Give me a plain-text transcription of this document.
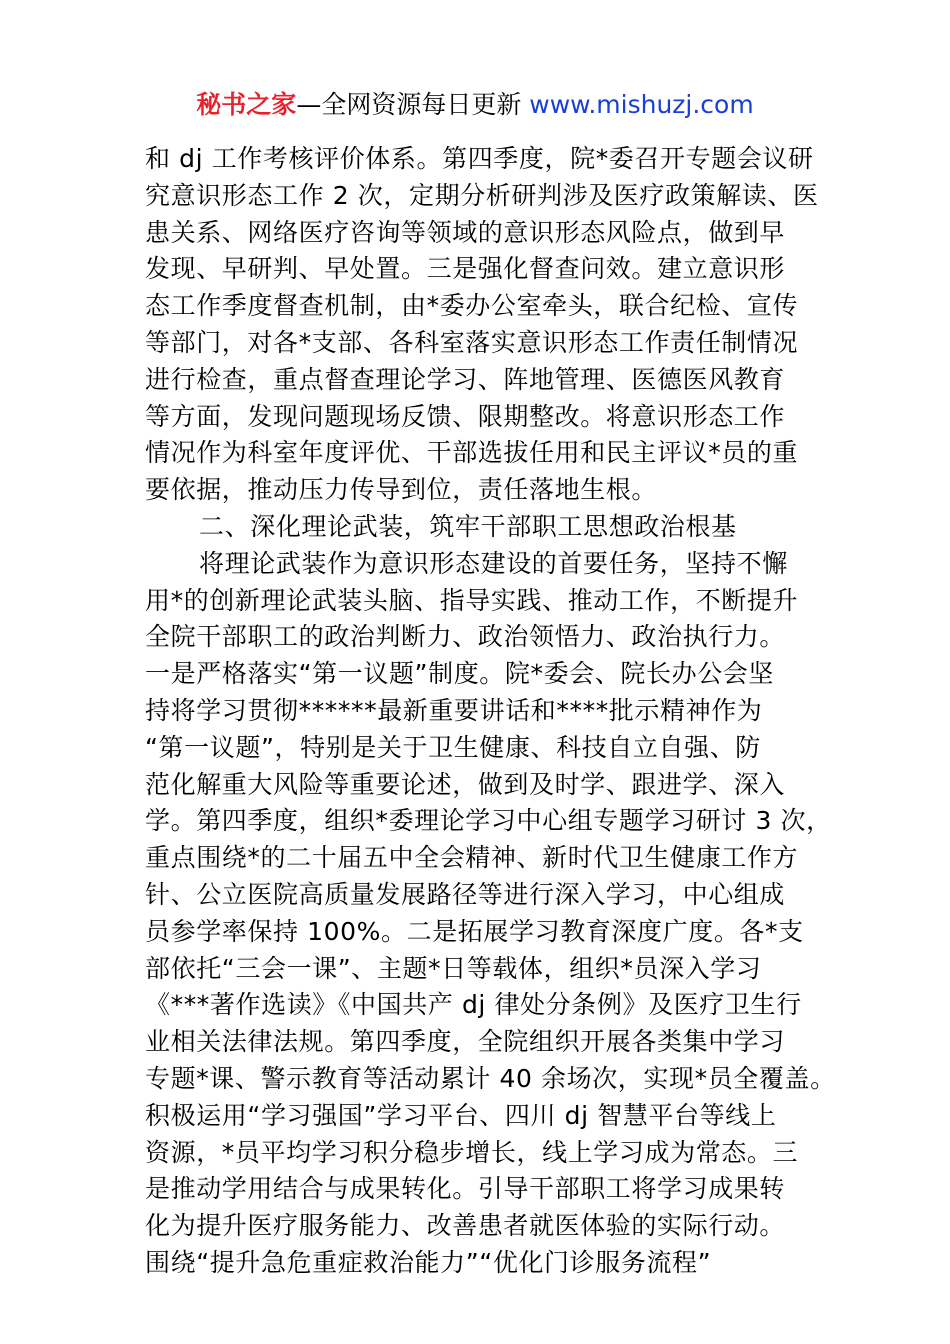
秘书之家—全网资源每日更新 www.mishuzj.com
和 dj 工作考核评价体系。第四季度，院*委召开专题会议研
究意识形态工作 2 次，定期分析研判涉及医疗政策解读、医
患关系、网络医疗咨询等领域的意识形态风险点，做到早
发现、早研判、早处置。三是强化督查问效。建立意识形
态工作季度督查机制，由*委办公室牵头，联合纪检、宣传
等部门，对各*支部、各科室落实意识形态工作责任制情况
进行检查，重点督查理论学习、阵地管理、医德医风教育
等方面，发现问题现场反馈、限期整改。将意识形态工作
情况作为科室年度评优、干部选拔任用和民主评议*员的重
要依据，推动压力传导到位，责任落地生根。
二、深化理论武装，筑牢干部职工思想政治根基
将理论武装作为意识形态建设的首要任务，坚持不懈
用*的创新理论武装头脑、指导实践、推动工作，不断提升
全院干部职工的政治判断力、政治领悟力、政治执行力。
一是严格落实“第一议题”制度。院*委会、院长办公会坚
持将学习贯彻******最新重要讲话和****批示精神作为
“第一议题”，特别是关于卫生健康、科技自立自强、防
范化解重大风险等重要论述，做到及时学、跟进学、深入
学。第四季度，组织*委理论学习中心组专题学习研讨 3 次，
重点围绕*的二十届五中全会精神、新时代卫生健康工作方
针、公立医院高质量发展路径等进行深入学习，中心组成
员参学率保持 100%。二是拓展学习教育深度广度。各*支
部依托“三会一课”、主题*日等载体，组织*员深入学习
《***著作选读》《中国共产 dj 律处分条例》及医疗卫生行
业相关法律法规。第四季度，全院组织开展各类集中学习
专题*课、警示教育等活动累计 40 余场次，实现*员全覆盖。
积极运用“学习强国”学习平台、四川 dj 智慧平台等线上
资源，*员平均学习积分稳步增长，线上学习成为常态。三
是推动学用结合与成果转化。引导干部职工将学习成果转
化为提升医疗服务能力、改善患者就医体验的实际行动。
围绕“提升急危重症救治能力”“优化门诊服务流程”
